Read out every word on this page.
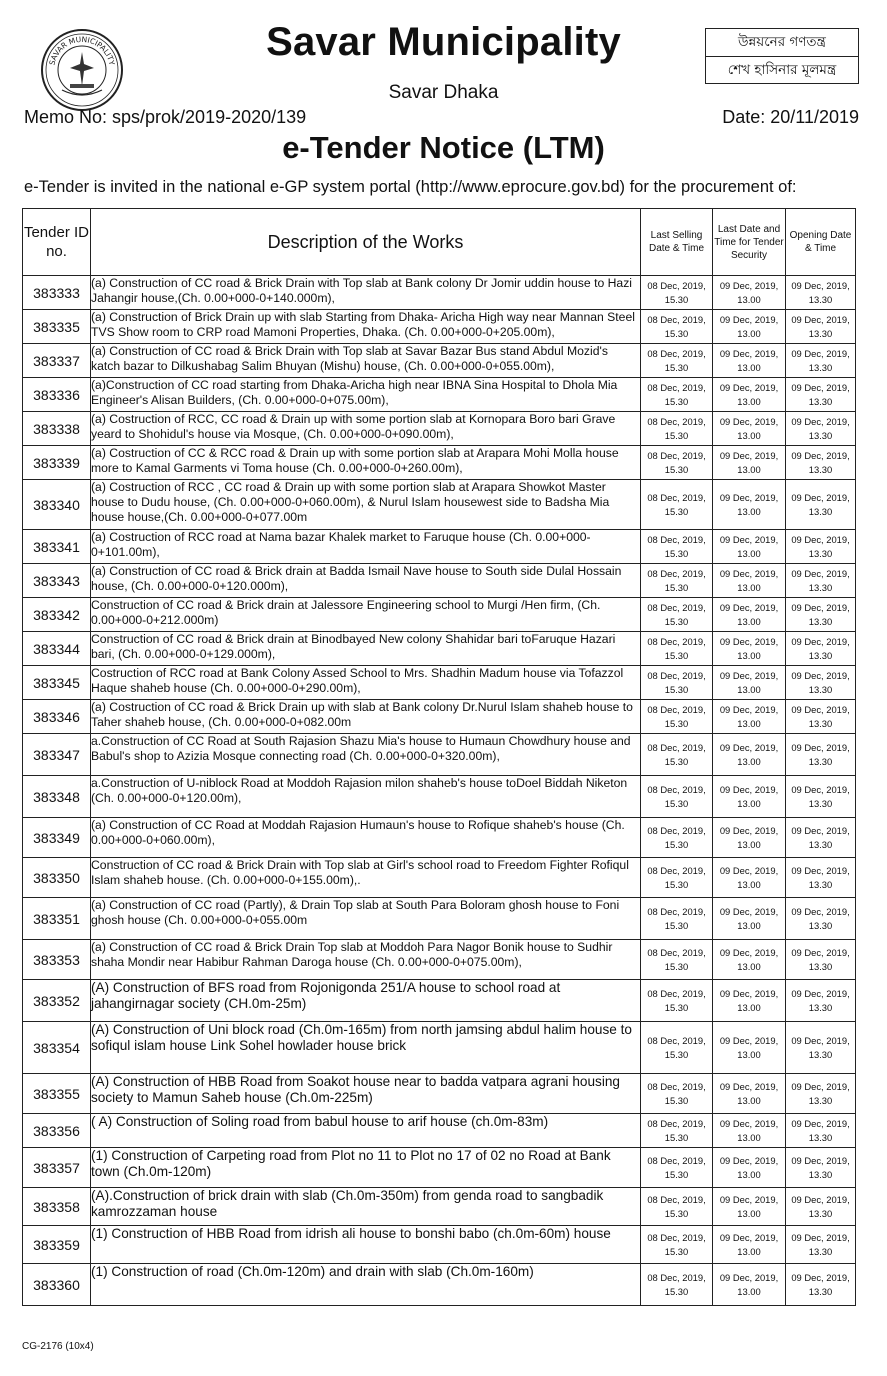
SAVAR MUNICIPALITY	Savar Municipality
Savar Dhaka
উন্নয়নের গণতন্ত্র
শেখ হাসিনার মূলমন্ত্র
Memo No: sps/prok/2019-2020/139	Date: 20/11/2019
e-Tender Notice (LTM)
e-Tender is invited in the national e-GP system portal (http://www.eprocure.gov.bd) for the procurement of:
Tender ID no.	Description of the Works	Last Selling Date & Time	Last Date and Time for Tender Security	Opening Date & Time
383333	(a) Construction of CC road & Brick Drain with Top slab at Bank colony Dr Jomir uddin house to Hazi Jahangir house,(Ch. 0.00+000-0+140.000m),	08 Dec, 2019, 15.30	09 Dec, 2019, 13.00	09 Dec, 2019, 13.30
383335	(a) Construction of Brick Drain up with slab Starting from Dhaka- Aricha High way near Mannan Steel TVS Show room to CRP road Mamoni Properties, Dhaka. (Ch. 0.00+000-0+205.00m),	08 Dec, 2019, 15.30	09 Dec, 2019, 13.00	09 Dec, 2019, 13.30
383337	(a) Construction of CC road & Brick Drain with Top slab at Savar Bazar Bus stand Abdul Mozid's katch bazar to Dilkushabag Salim Bhuyan (Mishu) house, (Ch. 0.00+000-0+055.00m),	08 Dec, 2019, 15.30	09 Dec, 2019, 13.00	09 Dec, 2019, 13.30
383336	(a)Construction of CC road starting from Dhaka-Aricha high near IBNA Sina Hospital to Dhola Mia Engineer's Alisan Builders, (Ch. 0.00+000-0+075.00m),	08 Dec, 2019, 15.30	09 Dec, 2019, 13.00	09 Dec, 2019, 13.30
383338	(a) Costruction of RCC, CC road & Drain up with some portion slab at Kornopara Boro bari Grave yeard to Shohidul's house via Mosque, (Ch. 0.00+000-0+090.00m),	08 Dec, 2019, 15.30	09 Dec, 2019, 13.00	09 Dec, 2019, 13.30
383339	(a) Costruction of CC & RCC road & Drain up with some portion slab at Arapara Mohi Molla house more to Kamal Garments vi Toma house (Ch. 0.00+000-0+260.00m),	08 Dec, 2019, 15.30	09 Dec, 2019, 13.00	09 Dec, 2019, 13.30
383340	(a) Costruction of RCC , CC road & Drain up with some portion slab at Arapara Showkot Master house to Dudu house, (Ch. 0.00+000-0+060.00m), & Nurul Islam housewest side to Badsha Mia house house,(Ch. 0.00+000-0+077.00m	08 Dec, 2019, 15.30	09 Dec, 2019, 13.00	09 Dec, 2019, 13.30
383341	(a) Costruction of RCC road at Nama bazar Khalek market to Faruque house (Ch. 0.00+000-0+101.00m),	08 Dec, 2019, 15.30	09 Dec, 2019, 13.00	09 Dec, 2019, 13.30
383343	(a) Construction of CC road & Brick drain at Badda Ismail Nave house to South side Dulal Hossain house, (Ch. 0.00+000-0+120.000m),	08 Dec, 2019, 15.30	09 Dec, 2019, 13.00	09 Dec, 2019, 13.30
383342	Construction of CC road & Brick drain at Jalessore Engineering school to Murgi /Hen firm, (Ch. 0.00+000-0+212.000m)	08 Dec, 2019, 15.30	09 Dec, 2019, 13.00	09 Dec, 2019, 13.30
383344	Construction of CC road & Brick drain at Binodbayed New colony Shahidar bari toFaruque Hazari bari, (Ch. 0.00+000-0+129.000m),	08 Dec, 2019, 15.30	09 Dec, 2019, 13.00	09 Dec, 2019, 13.30
383345	Costruction of RCC road at Bank Colony Assed School to Mrs. Shadhin Madum house via Tofazzol Haque shaheb house (Ch. 0.00+000-0+290.00m),	08 Dec, 2019, 15.30	09 Dec, 2019, 13.00	09 Dec, 2019, 13.30
383346	(a) Costruction of CC road & Brick Drain up with slab at Bank colony Dr.Nurul Islam shaheb house to Taher shaheb house, (Ch. 0.00+000-0+082.00m	08 Dec, 2019, 15.30	09 Dec, 2019, 13.00	09 Dec, 2019, 13.30
383347	a.Construction of CC Road at South Rajasion Shazu Mia's house to Humaun Chowdhury house and Babul's shop to Azizia Mosque connecting road (Ch. 0.00+000-0+320.00m),	08 Dec, 2019, 15.30	09 Dec, 2019, 13.00	09 Dec, 2019, 13.30
383348	a.Construction of U-niblock Road at Moddoh Rajasion milon shaheb's house toDoel Biddah Niketon (Ch. 0.00+000-0+120.00m),	08 Dec, 2019, 15.30	09 Dec, 2019, 13.00	09 Dec, 2019, 13.30
383349	(a) Construction of CC Road at Moddah Rajasion Humaun's house to Rofique shaheb's house (Ch. 0.00+000-0+060.00m),	08 Dec, 2019, 15.30	09 Dec, 2019, 13.00	09 Dec, 2019, 13.30
383350	Construction of CC road & Brick Drain with Top slab at Girl's school road to Freedom Fighter Rofiqul Islam shaheb house. (Ch. 0.00+000-0+155.00m),.	08 Dec, 2019, 15.30	09 Dec, 2019, 13.00	09 Dec, 2019, 13.30
383351	(a) Construction of CC road (Partly), & Drain Top slab at South Para Boloram ghosh house to Foni ghosh house (Ch. 0.00+000-0+055.00m	08 Dec, 2019, 15.30	09 Dec, 2019, 13.00	09 Dec, 2019, 13.30
383353	(a) Construction of CC road & Brick Drain Top slab at Moddoh Para Nagor Bonik house to Sudhir shaha Mondir near Habibur Rahman Daroga house (Ch. 0.00+000-0+075.00m),	08 Dec, 2019, 15.30	09 Dec, 2019, 13.00	09 Dec, 2019, 13.30
383352	(A) Construction of BFS road from Rojonigonda 251/A house to school road at jahangirnagar society (CH.0m-25m)	08 Dec, 2019, 15.30	09 Dec, 2019, 13.00	09 Dec, 2019, 13.30
383354	(A) Construction of Uni block road (Ch.0m-165m) from north jamsing abdul halim house to sofiqul islam house Link Sohel howlader house brick	08 Dec, 2019, 15.30	09 Dec, 2019, 13.00	09 Dec, 2019, 13.30
383355	(A) Construction of HBB Road from Soakot house near to badda vatpara agrani housing society to Mamun Saheb house (Ch.0m-225m)	08 Dec, 2019, 15.30	09 Dec, 2019, 13.00	09 Dec, 2019, 13.30
383356	( A) Construction of Soling road from babul house to arif house (ch.0m-83m)	08 Dec, 2019, 15.30	09 Dec, 2019, 13.00	09 Dec, 2019, 13.30
383357	(1) Construction of Carpeting road from Plot no 11 to Plot no 17 of 02 no Road at Bank town (Ch.0m-120m)	08 Dec, 2019, 15.30	09 Dec, 2019, 13.00	09 Dec, 2019, 13.30
383358	(A).Construction of brick drain with slab (Ch.0m-350m) from genda road to sangbadik kamrozzaman house	08 Dec, 2019, 15.30	09 Dec, 2019, 13.00	09 Dec, 2019, 13.30
383359	(1) Construction of HBB Road from idrish ali house to bonshi babo (ch.0m-60m) house	08 Dec, 2019, 15.30	09 Dec, 2019, 13.00	09 Dec, 2019, 13.30
383360	(1) Construction of road (Ch.0m-120m) and drain with slab (Ch.0m-160m)	08 Dec, 2019, 15.30	09 Dec, 2019, 13.00	09 Dec, 2019, 13.30
CG-2176 (10x4)
